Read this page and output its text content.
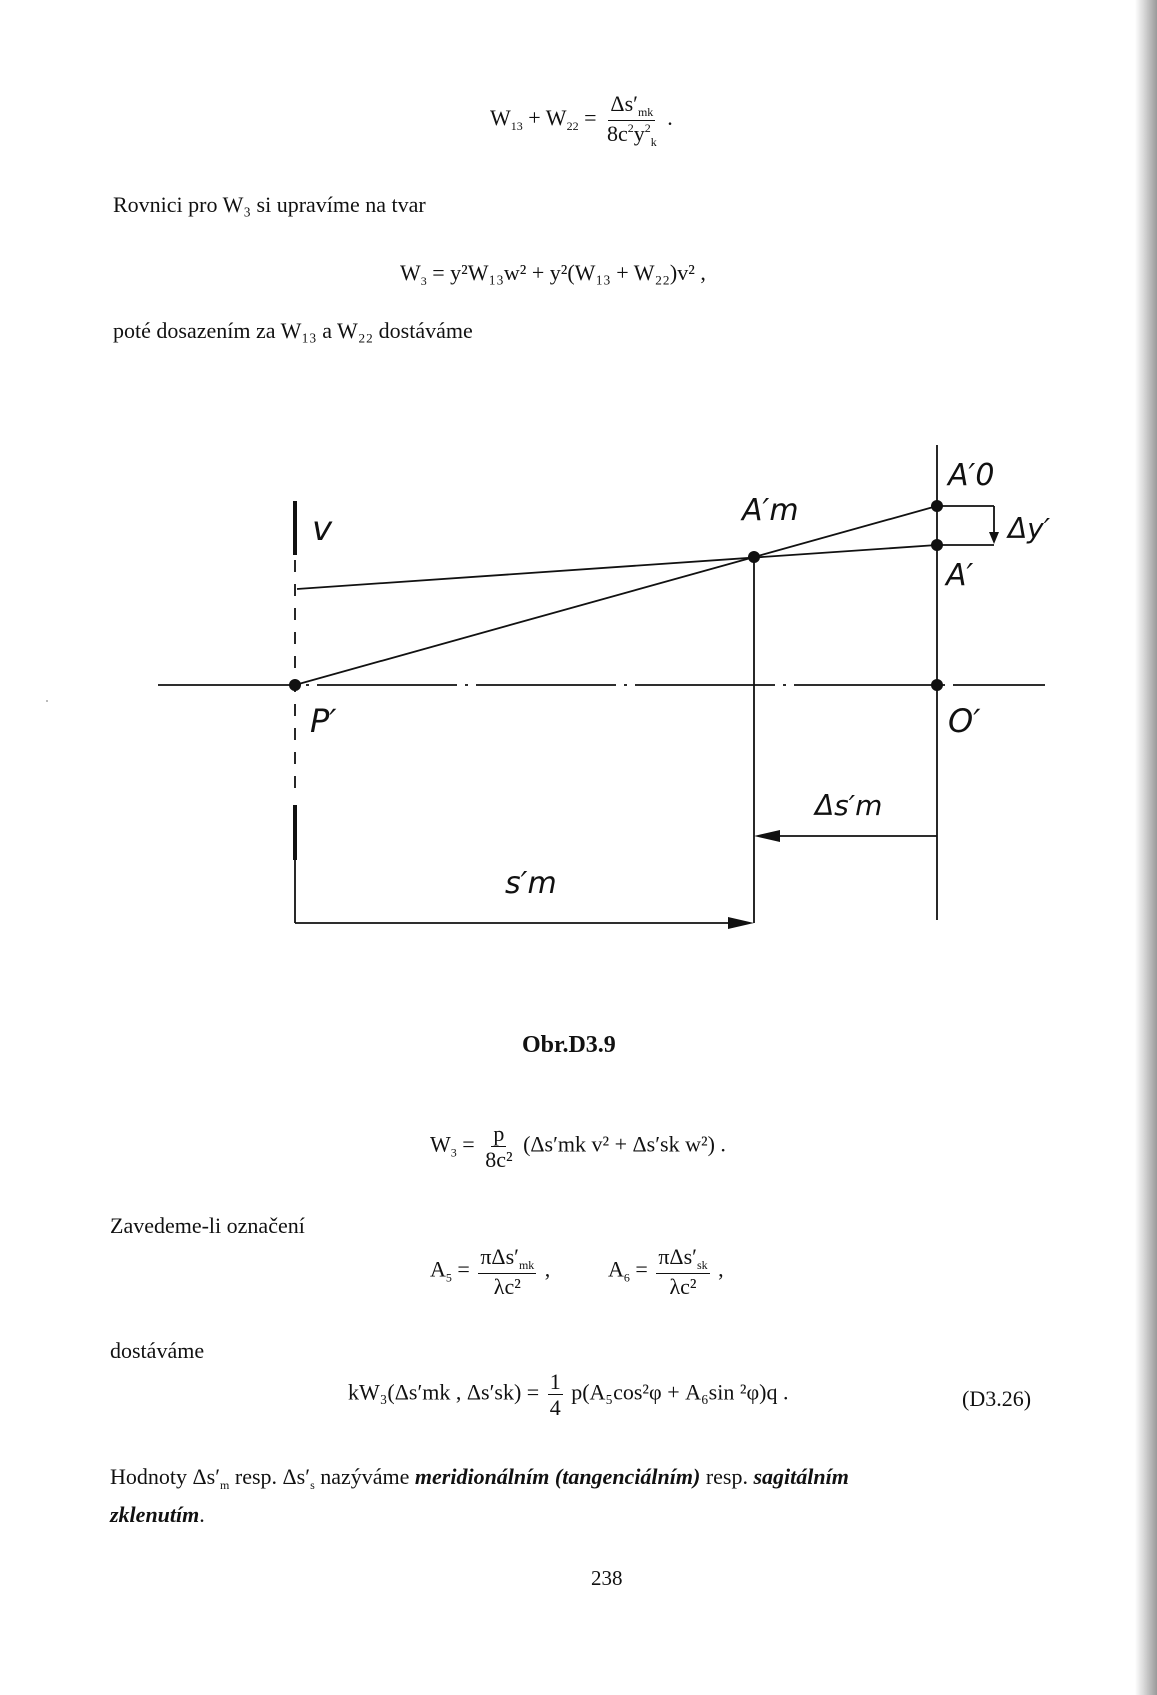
$W_{13} + W_{22} = \frac{\Delta s'_{mk}}{8c^2y^2_k}$ .
Rovnici pro W₃ si upravíme na tvar
$W_3 = y^2W_{13}w^2 + y^2(W_{13} + W_{22})v^2$ ,
poté dosazením za W₁₃ a W₂₂ dostáváme
v	A′m
A′0
A′
Δy′
P′	O′
Δs′m
s′m
Obr.D3.9
$W_3 = \frac{p}{\text{8c²}} (\Delta s'mk$ v² + Δs′sk w²) .
Zavedeme-li označení
$A_5 = \frac{\pi\Delta s'_{mk}}{\text{λc²}}$ ,	$A_6 = \frac{\pi\Delta s'_{sk}}{\text{λc²}}$ ,
dostáváme
kW₃(Δs′mk , $\Delta s'sk) = \frac{1}{4} p(A_5\cos^2\varphi + A_6\sin$ ²φ)q .	(D3.26)
Hodnoty $\Delta s'_m$ resp. $\Delta s'_s$ nazýváme meridionálním (tangenciálním) resp. sagitálním
zklenutím.
238
